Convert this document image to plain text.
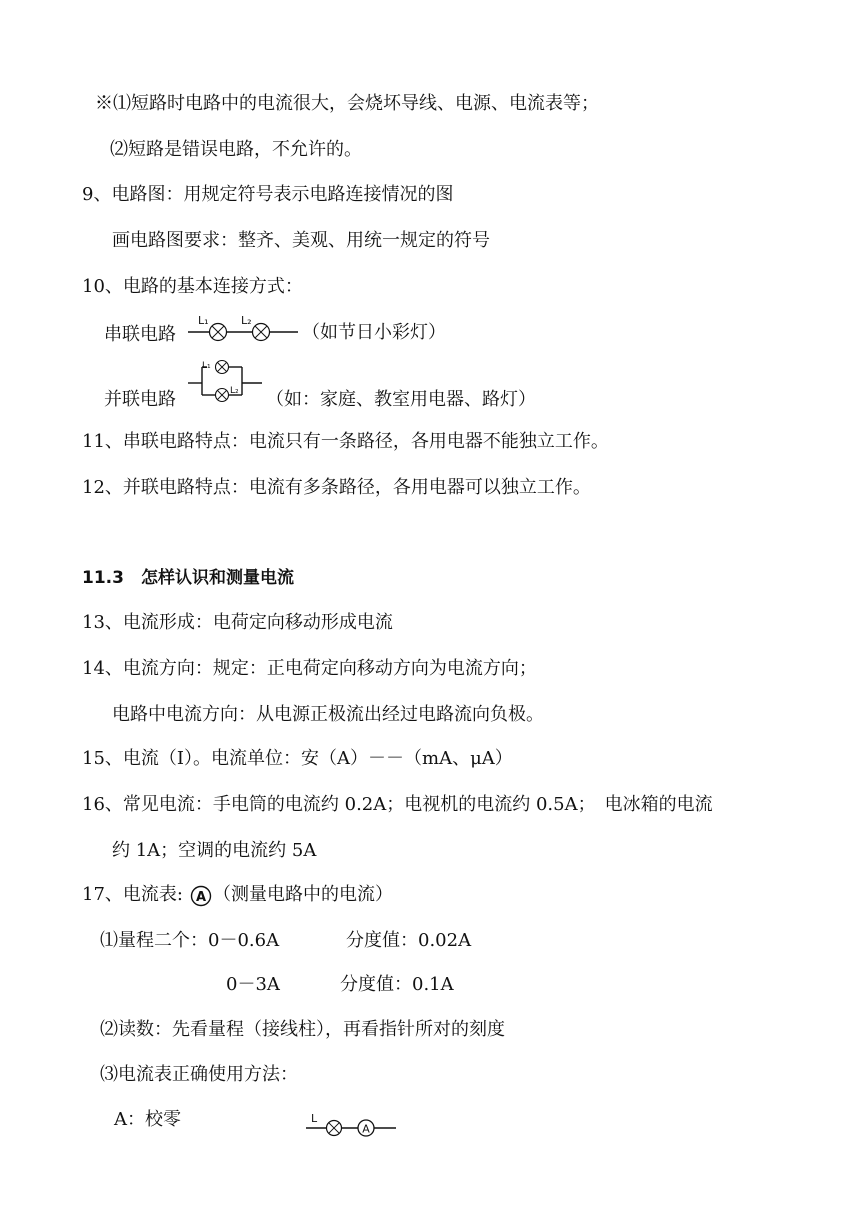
※⑴短路时电路中的电流很大，会烧坏导线、电源、电流表等；
⑵短路是错误电路，不允许的。
9、电路图：用规定符号表示电路连接情况的图
画电路图要求：整齐、美观、用统一规定的符号
10、电路的基本连接方式：
串联电路
L₁	L₂
（如节日小彩灯）
并联电路
L₁
L₂ （如：家庭、教室用电器、路灯）
11、串联电路特点：电流只有一条路径，各用电器不能独立工作。
12、并联电路特点：电流有多条路径，各用电器可以独立工作。
11.3　怎样认识和测量电流
13、电流形成：电荷定向移动形成电流
14、电流方向：规定：正电荷定向移动方向为电流方向；
电路中电流方向：从电源正极流出经过电路流向负极。
15、电流（I）。电流单位：安（A）－－（mA、μA）
16、常见电流：手电筒的电流约 0.2A；电视机的电流约 0.5A；　电冰箱的电流
约 1A；空调的电流约 5A
17、电流表: A （测量电路中的电流）
⑴量程二个：0－0.6A	分度值：0.02A
0－3A	分度值：0.1A
⑵读数：先看量程（接线柱），再看指针所对的刻度
⑶电流表正确使用方法：
A：校零	L
A
